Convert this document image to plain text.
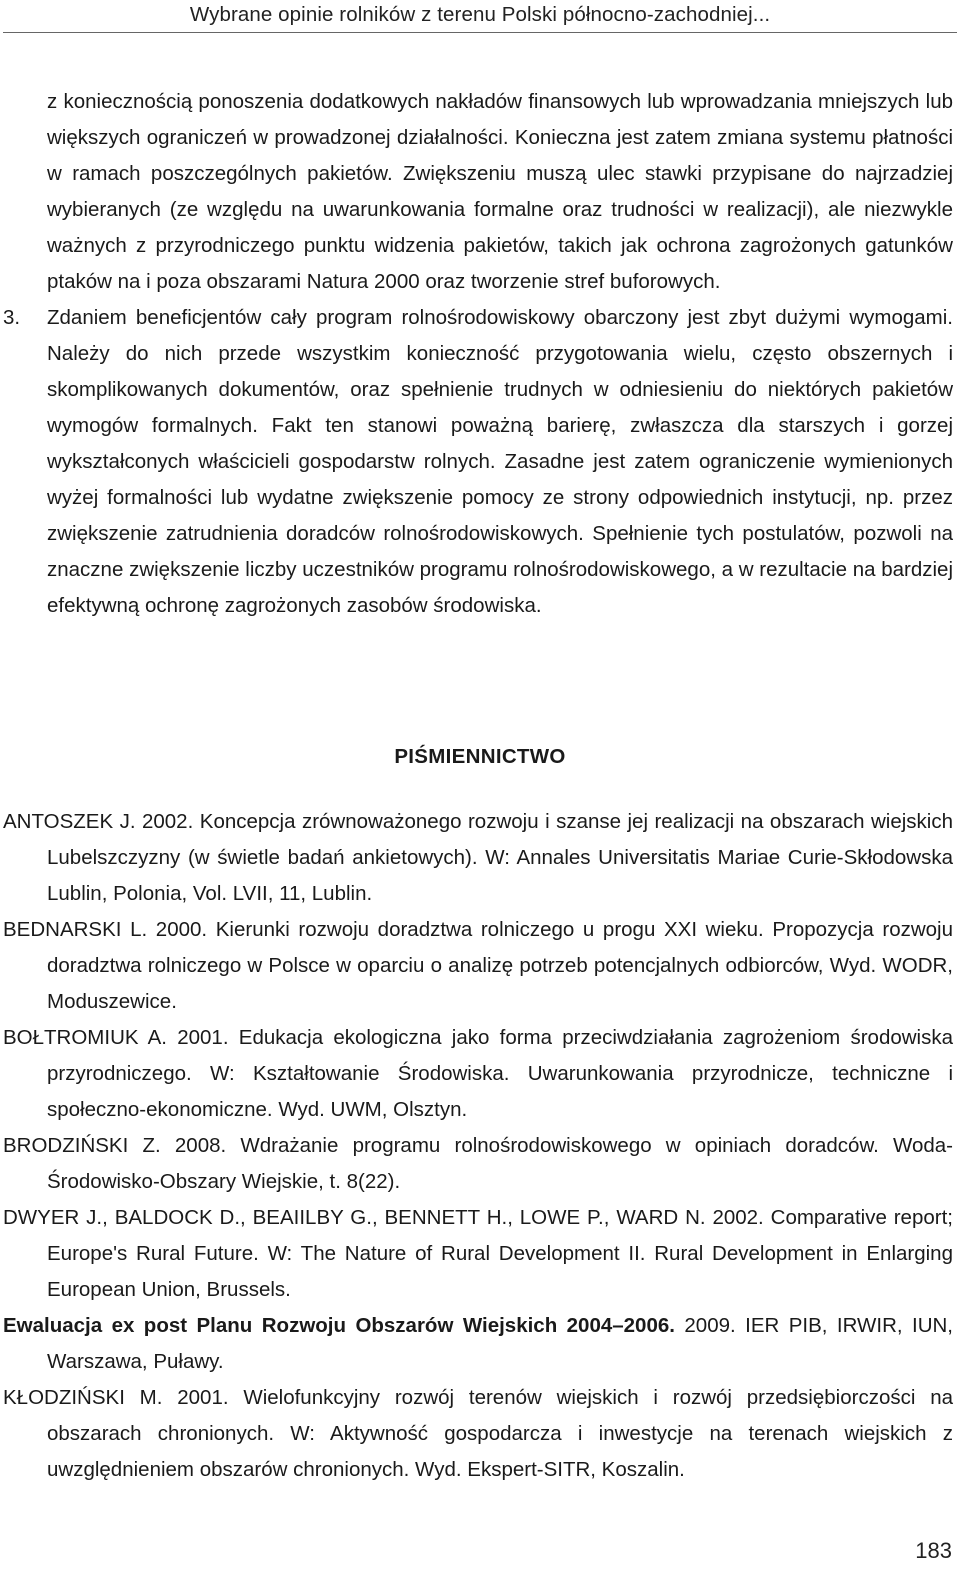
Wybrane opinie rolników z terenu Polski północno-zachodniej...

z koniecznością ponoszenia dodatkowych nakładów finansowych lub wprowadzania mniejszych lub większych ograniczeń w prowadzonej działalności. Konieczna jest zatem zmiana systemu płatności w ramach poszczególnych pakietów. Zwiększeniu muszą ulec stawki przypisane do najrzadziej wybieranych (ze względu na uwarunkowania formalne oraz trudności w realizacji), ale niezwykle ważnych z przyrodniczego punktu widzenia pakietów, takich jak ochrona zagrożonych gatunków ptaków na i poza obszarami Natura 2000 oraz tworzenie stref buforowych.

3. Zdaniem beneficjentów cały program rolnośrodowiskowy obarczony jest zbyt dużymi wymogami. Należy do nich przede wszystkim konieczność przygotowania wielu, często obszernych i skomplikowanych dokumentów, oraz spełnienie trudnych w odniesieniu do niektórych pakietów wymogów formalnych. Fakt ten stanowi poważną barierę, zwłaszcza dla starszych i gorzej wykształconych właścicieli gospodarstw rolnych. Zasadne jest zatem ograniczenie wymienionych wyżej formalności lub wydatne zwiększenie pomocy ze strony odpowiednich instytucji, np. przez zwiększenie zatrudnienia doradców rolnośrodowiskowych. Spełnienie tych postulatów, pozwoli na znaczne zwiększenie liczby uczestników programu rolnośrodowiskowego, a w rezultacie na bardziej efektywną ochronę zagrożonych zasobów środowiska.

PIŚMIENNICTWO

ANTOSZEK J. 2002. Koncepcja zrównoważonego rozwoju i szanse jej realizacji na obszarach wiejskich Lubelszczyzny (w świetle badań ankietowych). W: Annales Universitatis Mariae Curie-Skłodowska Lublin, Polonia, Vol. LVII, 11, Lublin.

BEDNARSKI L. 2000. Kierunki rozwoju doradztwa rolniczego u progu XXI wieku. Propozycja rozwoju doradztwa rolniczego w Polsce w oparciu o analizę potrzeb potencjalnych odbiorców, Wyd. WODR, Moduszewice.

BOŁTROMIUK A. 2001. Edukacja ekologiczna jako forma przeciwdziałania zagrożeniom środowiska przyrodniczego. W: Kształtowanie Środowiska. Uwarunkowania przyrodnicze, techniczne i społeczno-ekonomiczne. Wyd. UWM, Olsztyn.

BRODZIŃSKI Z. 2008. Wdrażanie programu rolnośrodowiskowego w opiniach doradców. Woda-Środowisko-Obszary Wiejskie, t. 8(22).

DWYER J., BALDOCK D., BEAIILBY G., BENNETT H., LOWE P., WARD N. 2002. Comparative report; Europe's Rural Future. W: The Nature of Rural Development II. Rural Development in Enlarging European Union, Brussels.

Ewaluacja ex post Planu Rozwoju Obszarów Wiejskich 2004–2006. 2009. IER PIB, IRWIR, IUN, Warszawa, Puławy.

KŁODZIŃSKI M. 2001. Wielofunkcyjny rozwój terenów wiejskich i rozwój przedsiębiorczości na obszarach chronionych. W: Aktywność gospodarcza i inwestycje na terenach wiejskich z uwzględnieniem obszarów chronionych. Wyd. Ekspert-SITR, Koszalin.

183
